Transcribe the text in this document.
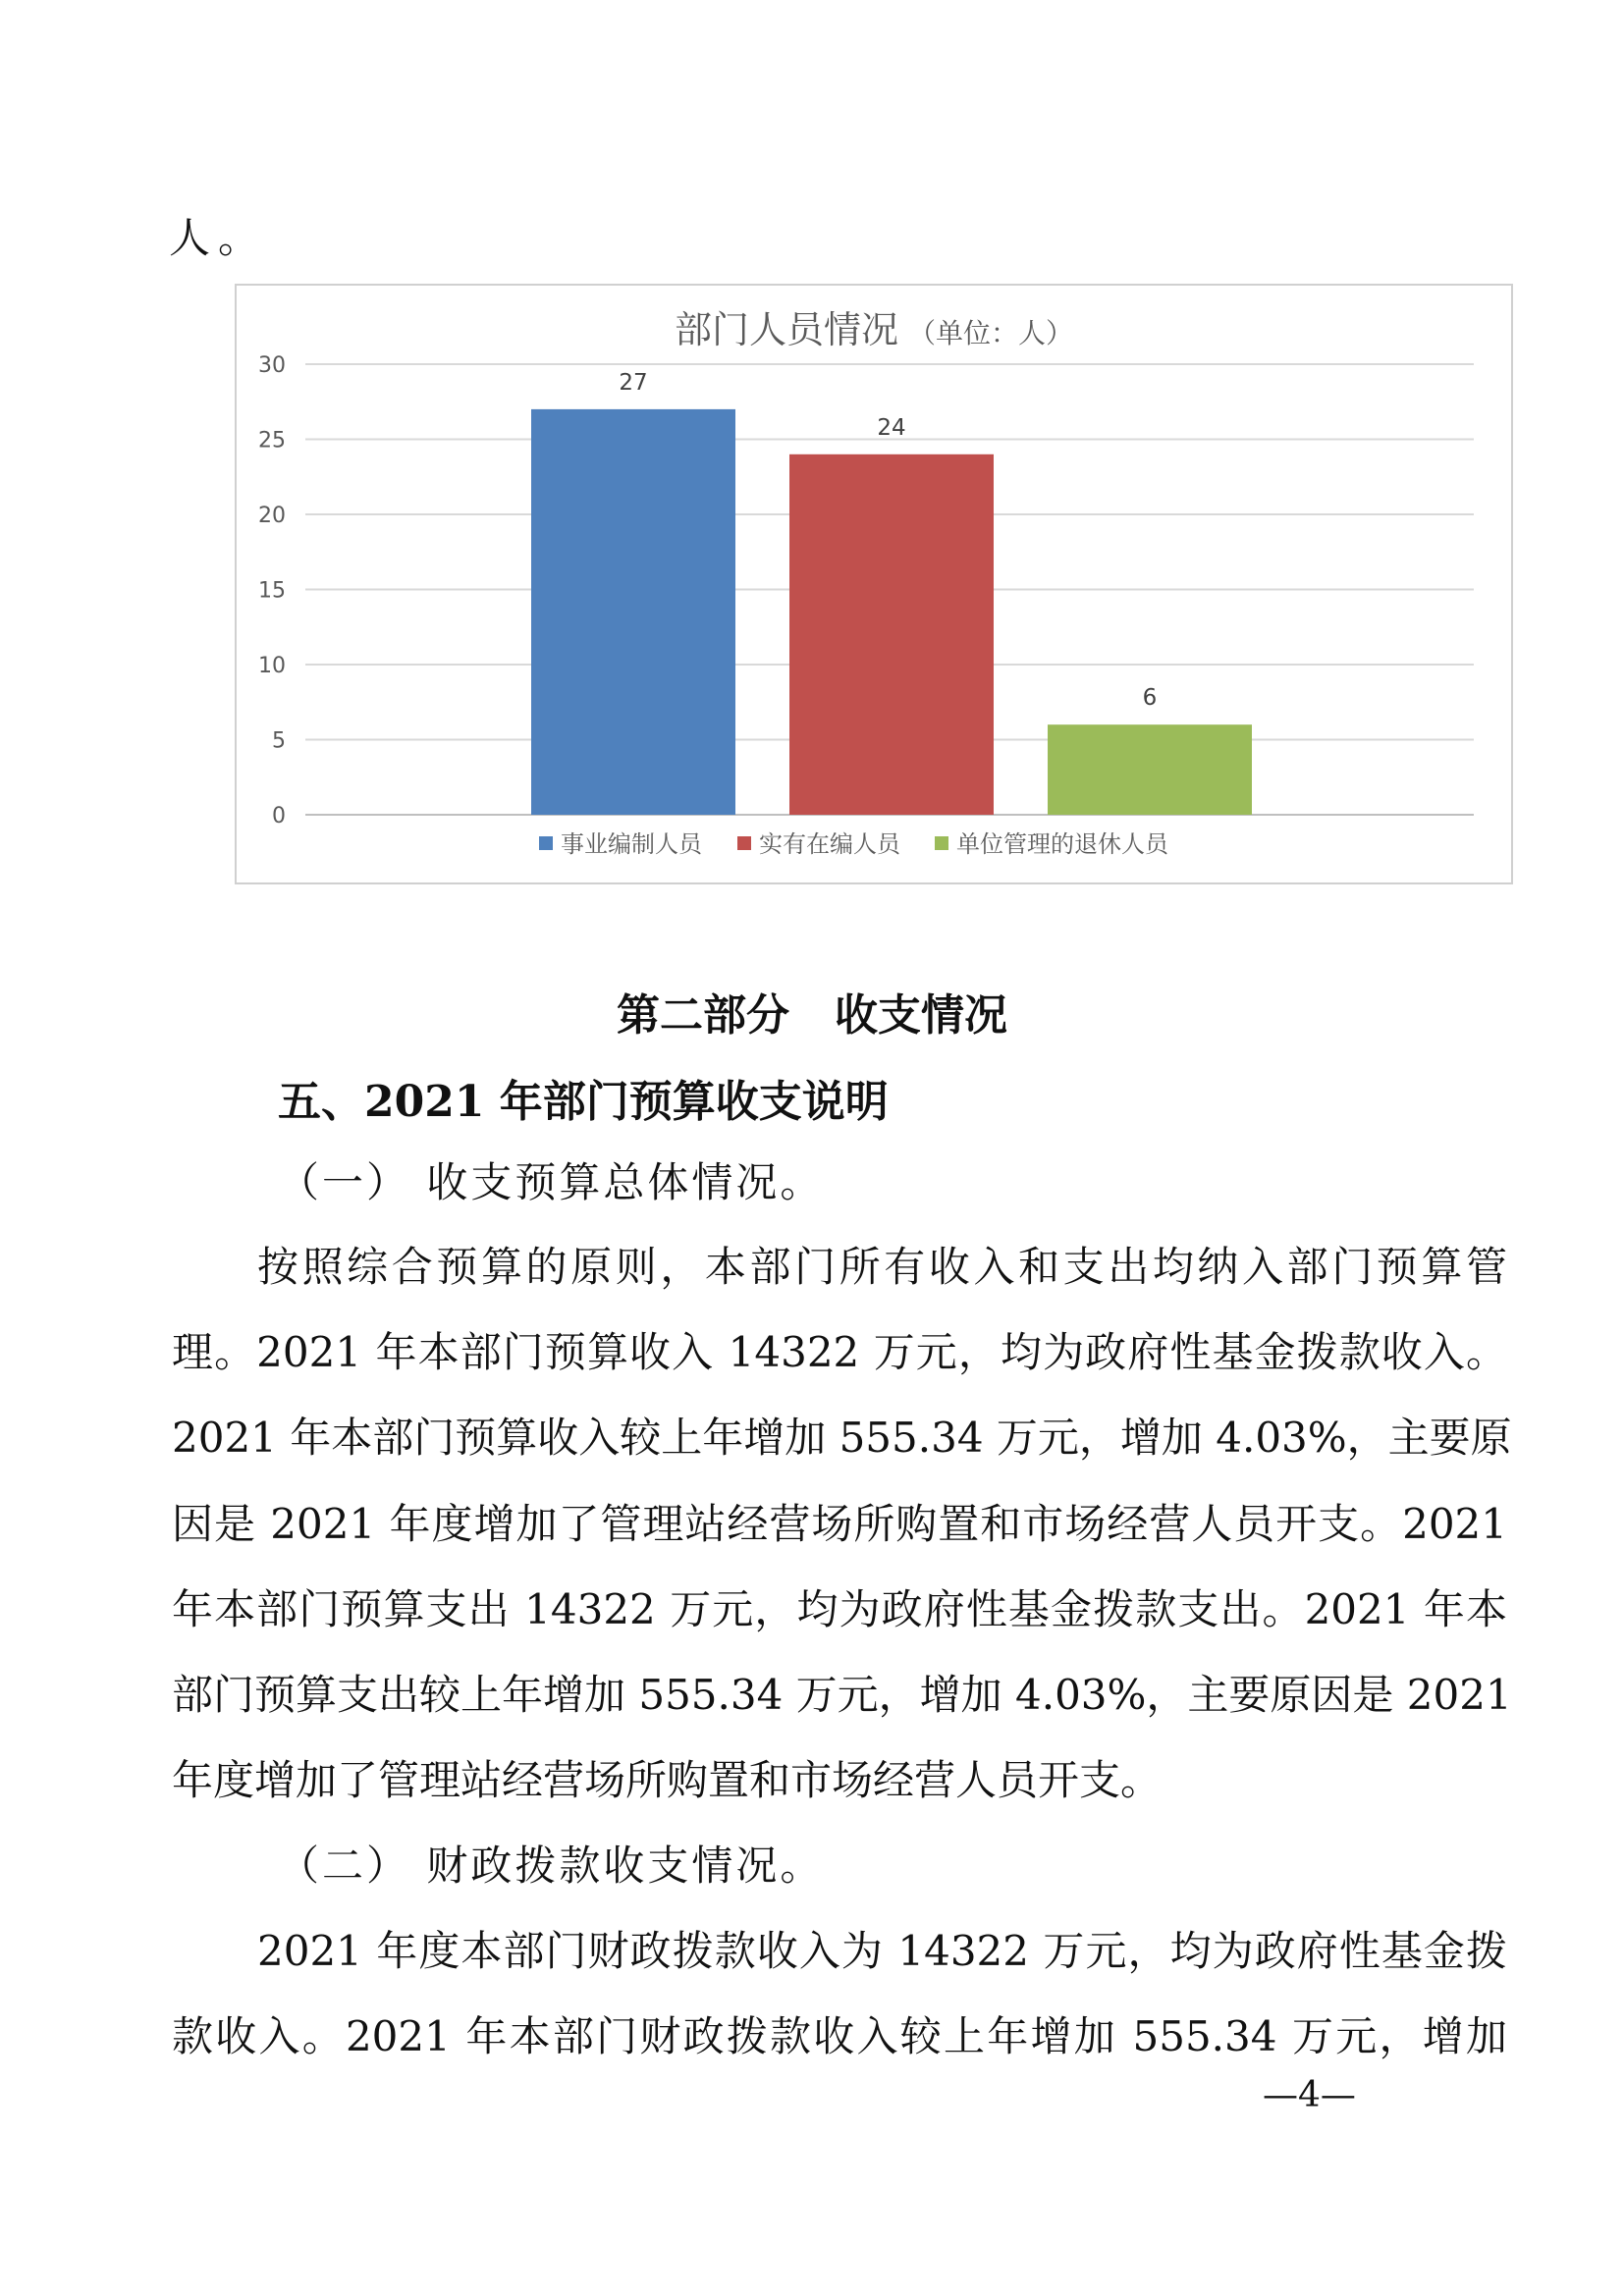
人。

部门人员情况 （单位：人）
0
5
10
15
20
25
30
27
24
6
事业编制人员 实有在编人员 单位管理的退休人员
第二部分 收支情况

五、2021 年部门预算收支说明

（一） 收支预算总体情况。

按照综合预算的原则，本部门所有收入和支出均纳入部门预算管

理。2021 年本部门预算收入 14322 万元，均为政府性基金拨款收入。

2021 年本部门预算收入较上年增加 555.34 万元，增加 4.03%，主要原

因是 2021 年度增加了管理站经营场所购置和市场经营人员开支。2021

年本部门预算支出 14322 万元，均为政府性基金拨款支出。2021 年本

部门预算支出较上年增加 555.34 万元，增加 4.03%，主要原因是 2021

年度增加了管理站经营场所购置和市场经营人员开支。

（二） 财政拨款收支情况。

2021 年度本部门财政拨款收入为 14322 万元，均为政府性基金拨

款收入。2021 年本部门财政拨款收入较上年增加 555.34 万元，增加

—4—
